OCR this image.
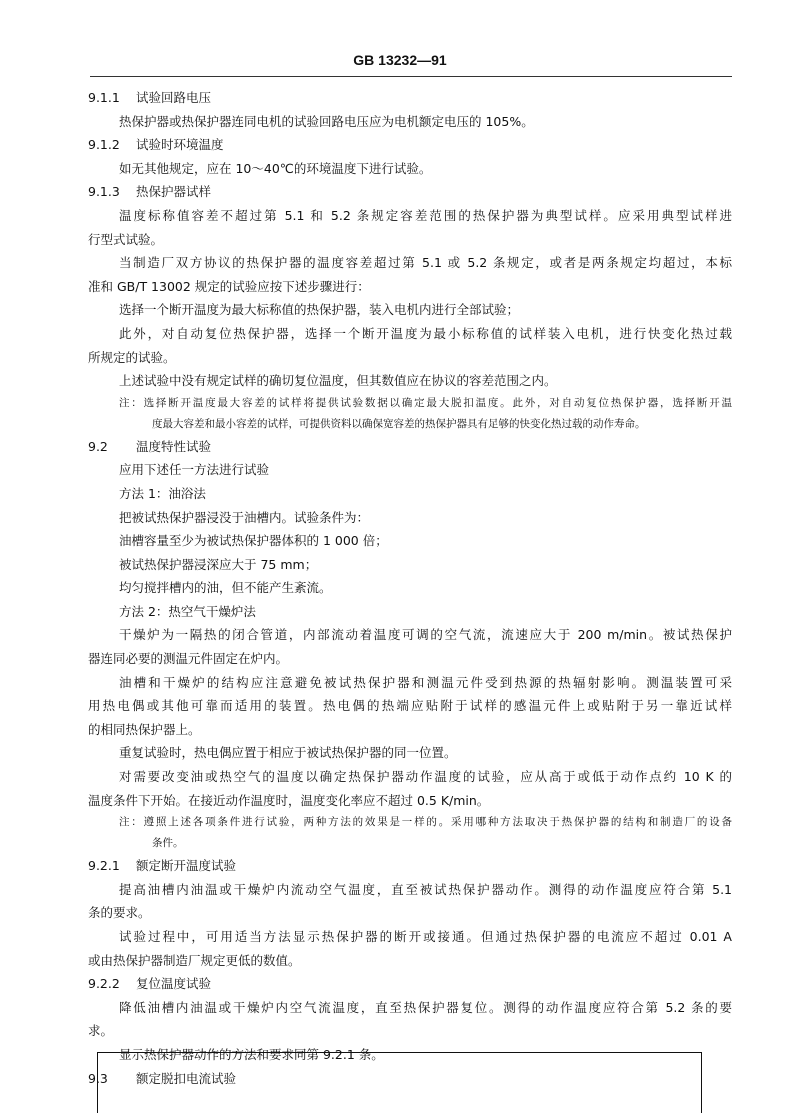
GB 13232—91
9.1.1 试验回路电压
热保护器或热保护器连同电机的试验回路电压应为电机额定电压的 105%。
9.1.2 试验时环境温度
如无其他规定，应在 10～40℃的环境温度下进行试验。
9.1.3 热保护器试样
温度标称值容差不超过第 5.1 和 5.2 条规定容差范围的热保护器为典型试样。应采用典型试样进
行型式试验。
当制造厂双方协议的热保护器的温度容差超过第 5.1 或 5.2 条规定，或者是两条规定均超过，本标
准和 GB/T 13002 规定的试验应按下述步骤进行：
选择一个断开温度为最大标称值的热保护器，装入电机内进行全部试验；
此外，对自动复位热保护器，选择一个断开温度为最小标称值的试样装入电机，进行快变化热过载
所规定的试验。
上述试验中没有规定试样的确切复位温度，但其数值应在协议的容差范围之内。
注：选择断开温度最大容差的试样将提供试验数据以确定最大脱扣温度。此外，对自动复位热保护器，选择断开温
度最大容差和最小容差的试样，可提供资料以确保宽容差的热保护器具有足够的快变化热过载的动作寿命。
9.2 温度特性试验
应用下述任一方法进行试验
方法 1：油浴法
把被试热保护器浸没于油槽内。试验条件为：
油槽容量至少为被试热保护器体积的 1 000 倍；
被试热保护器浸深应大于 75 mm；
均匀搅拌槽内的油，但不能产生紊流。
方法 2：热空气干燥炉法
干燥炉为一隔热的闭合管道，内部流动着温度可调的空气流，流速应大于 200 m/min。被试热保护
器连同必要的测温元件固定在炉内。
油槽和干燥炉的结构应注意避免被试热保护器和测温元件受到热源的热辐射影响。测温装置可采
用热电偶或其他可靠而适用的装置。热电偶的热端应贴附于试样的感温元件上或贴附于另一靠近试样
的相同热保护器上。
重复试验时，热电偶应置于相应于被试热保护器的同一位置。
对需要改变油或热空气的温度以确定热保护器动作温度的试验，应从高于或低于动作点约 10 K 的
温度条件下开始。在接近动作温度时，温度变化率应不超过 0.5 K/min。
注：遵照上述各项条件进行试验，两种方法的效果是一样的。采用哪种方法取决于热保护器的结构和制造厂的设备
条件。
9.2.1 额定断开温度试验
提高油槽内油温或干燥炉内流动空气温度，直至被试热保护器动作。测得的动作温度应符合第 5.1
条的要求。
试验过程中，可用适当方法显示热保护器的断开或接通。但通过热保护器的电流应不超过 0.01 A
或由热保护器制造厂规定更低的数值。
9.2.2 复位温度试验
降低油槽内油温或干燥炉内空气流温度，直至热保护器复位。测得的动作温度应符合第 5.2 条的要
求。
显示热保护器动作的方法和要求同第 9.2.1 条。
9.3 额定脱扣电流试验
